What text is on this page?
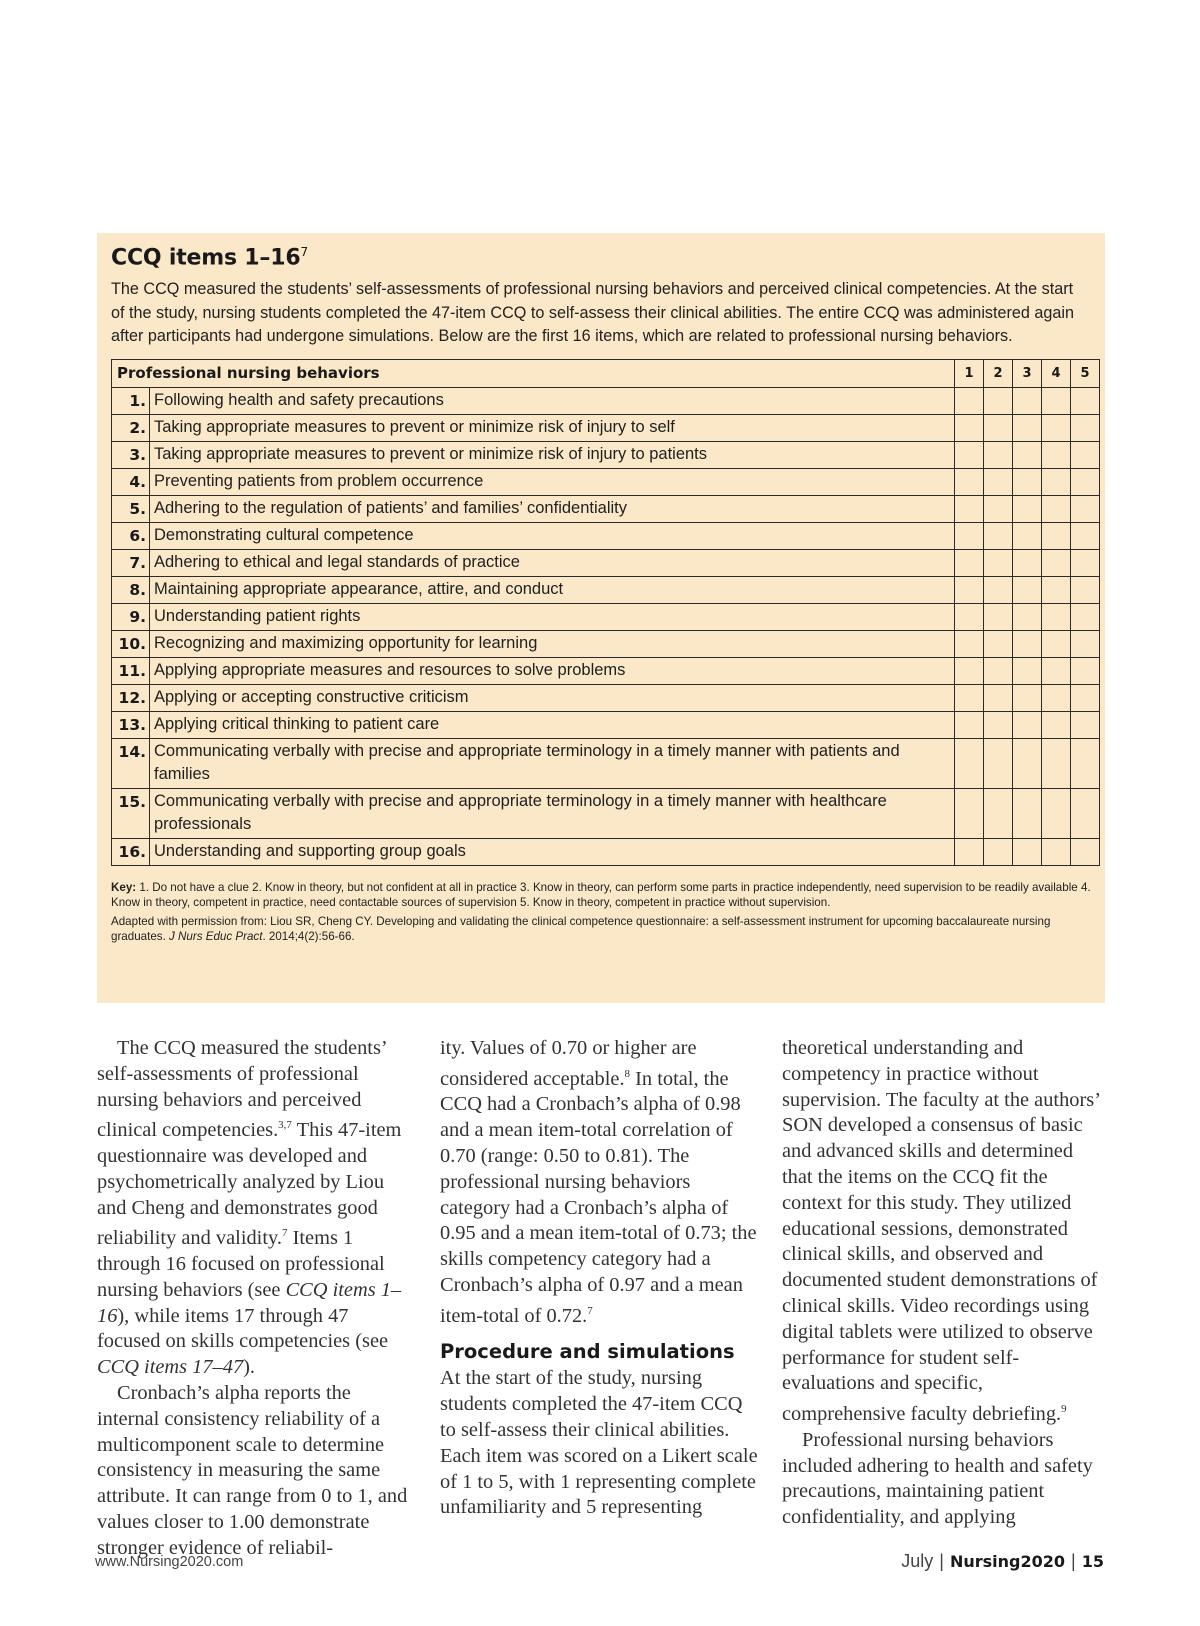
CCQ items $1-16^7$

The CCQ measured the students’ self-assessments of professional nursing behaviors and perceived clinical competencies. At the start of the study, nursing students completed the 47-item CCQ to self-assess their clinical abilities. The entire CCQ was administered again after participants had undergone simulations. Below are the first 16 items, which are related to professional nursing behaviors.

Professional nursing behaviors		1	2	3	4	5
1.	Following health and safety precautions					
2.	Taking appropriate measures to prevent or minimize risk of injury to self					
3.	Taking appropriate measures to prevent or minimize risk of injury to patients					
4.	Preventing patients from problem occurrence					
5.	Adhering to the regulation of patients’ and families’ confidentiality					
6.	Demonstrating cultural competence					
7.	Adhering to ethical and legal standards of practice					
8.	Maintaining appropriate appearance, attire, and conduct					
9.	Understanding patient rights					
10.	Recognizing and maximizing opportunity for learning					
11.	Applying appropriate measures and resources to solve problems					
12.	Applying or accepting constructive criticism					
13.	Applying critical thinking to patient care					
14.	Communicating verbally with precise and appropriate terminology in a timely manner with patients and families					
15.	Communicating verbally with precise and appropriate terminology in a timely manner with healthcare professionals					
16.	Understanding and supporting group goals					

Key: 1. Do not have a clue 2. Know in theory, but not confident at all in practice 3. Know in theory, can perform some parts in practice independently, need supervision to be readily available 4. Know in theory, competent in practice, need contactable sources of supervision 5. Know in theory, competent in practice without supervision.

Adapted with permission from: Liou SR, Cheng CY. Developing and validating the clinical competence questionnaire: a self-assessment instrument for upcoming baccalaureate nursing graduates. J Nurs Educ Pract. 2014;4(2):56-66.

The CCQ measured the students’ self-assessments of professional nursing behaviors and perceived clinical competencies.$^{3,7}$ This 47-item questionnaire was developed and psychometrically analyzed by Liou and Cheng and demonstrates good reliability and validity.$^7$ Items 1 through 16 focused on professional nursing behaviors (see CCQ items 1–16), while items 17 through 47 focused on skills competencies (see CCQ items 17–47).

Cronbach’s alpha reports the internal consistency reliability of a multicomponent scale to determine consistency in measuring the same attribute. It can range from 0 to 1, and values closer to 1.00 demonstrate stronger evidence of reliabil-

ity. Values of 0.70 or higher are considered acceptable.$^8$ In total, the CCQ had a Cronbach’s alpha of 0.98 and a mean item-total correlation of 0.70 (range: 0.50 to 0.81). The professional nursing behaviors category had a Cronbach’s alpha of 0.95 and a mean item-total of 0.73; the skills competency category had a Cronbach’s alpha of 0.97 and a mean item-total of 0.72.$^7$

Procedure and simulations

At the start of the study, nursing students completed the 47-item CCQ to self-assess their clinical abilities. Each item was scored on a Likert scale of 1 to 5, with 1 representing complete unfamiliarity and 5 representing

theoretical understanding and competency in practice without supervision. The faculty at the authors’ SON developed a consensus of basic and advanced skills and determined that the items on the CCQ fit the context for this study. They utilized educational sessions, demonstrated clinical skills, and observed and documented student demonstrations of clinical skills. Video recordings using digital tablets were utilized to observe performance for student self-evaluations and specific, comprehensive faculty debriefing.$^9$

Professional nursing behaviors included adhering to health and safety precautions, maintaining patient confidentiality, and applying

www.Nursing2020.com	July | Nursing2020 | 15
